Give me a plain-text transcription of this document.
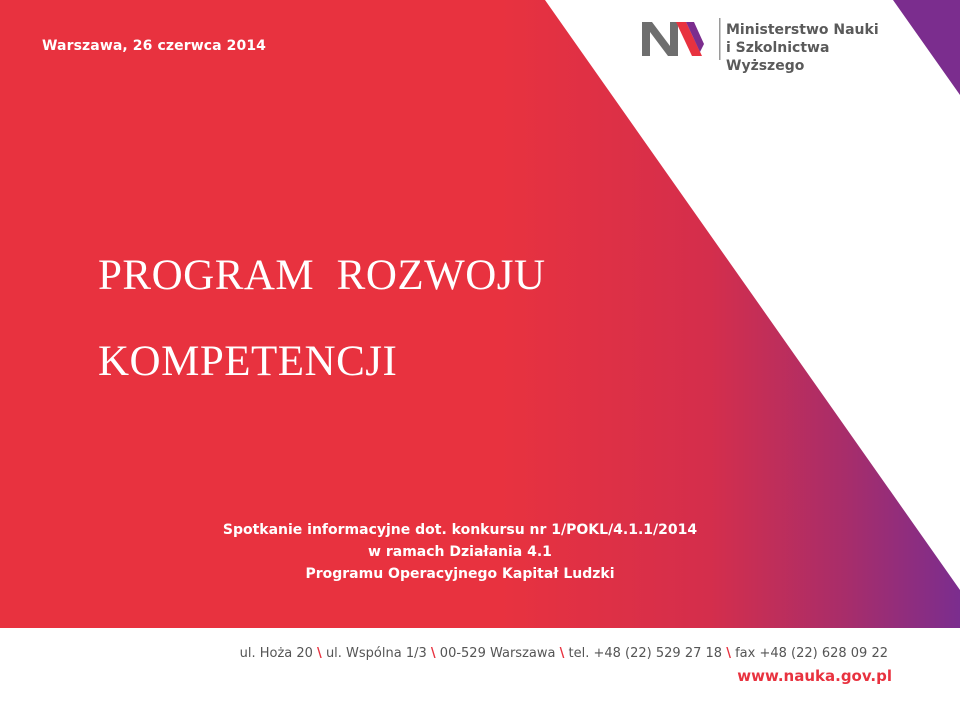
Warszawa, 26 czerwca 2014
Ministerstwo Nauki
i Szkolnictwa Wyższego
PROGRAM  ROZWOJU
KOMPETENCJI
Spotkanie informacyjne dot. konkursu nr 1/POKL/4.1.1/2014
w ramach Działania 4.1
Programu Operacyjnego Kapitał Ludzki
ul. Hoża 20 \ ul. Wspólna 1/3 \ 00-529 Warszawa \ tel. +48 (22) 529 27 18 \ fax +48 (22) 628 09 22
www.nauka.gov.pl
